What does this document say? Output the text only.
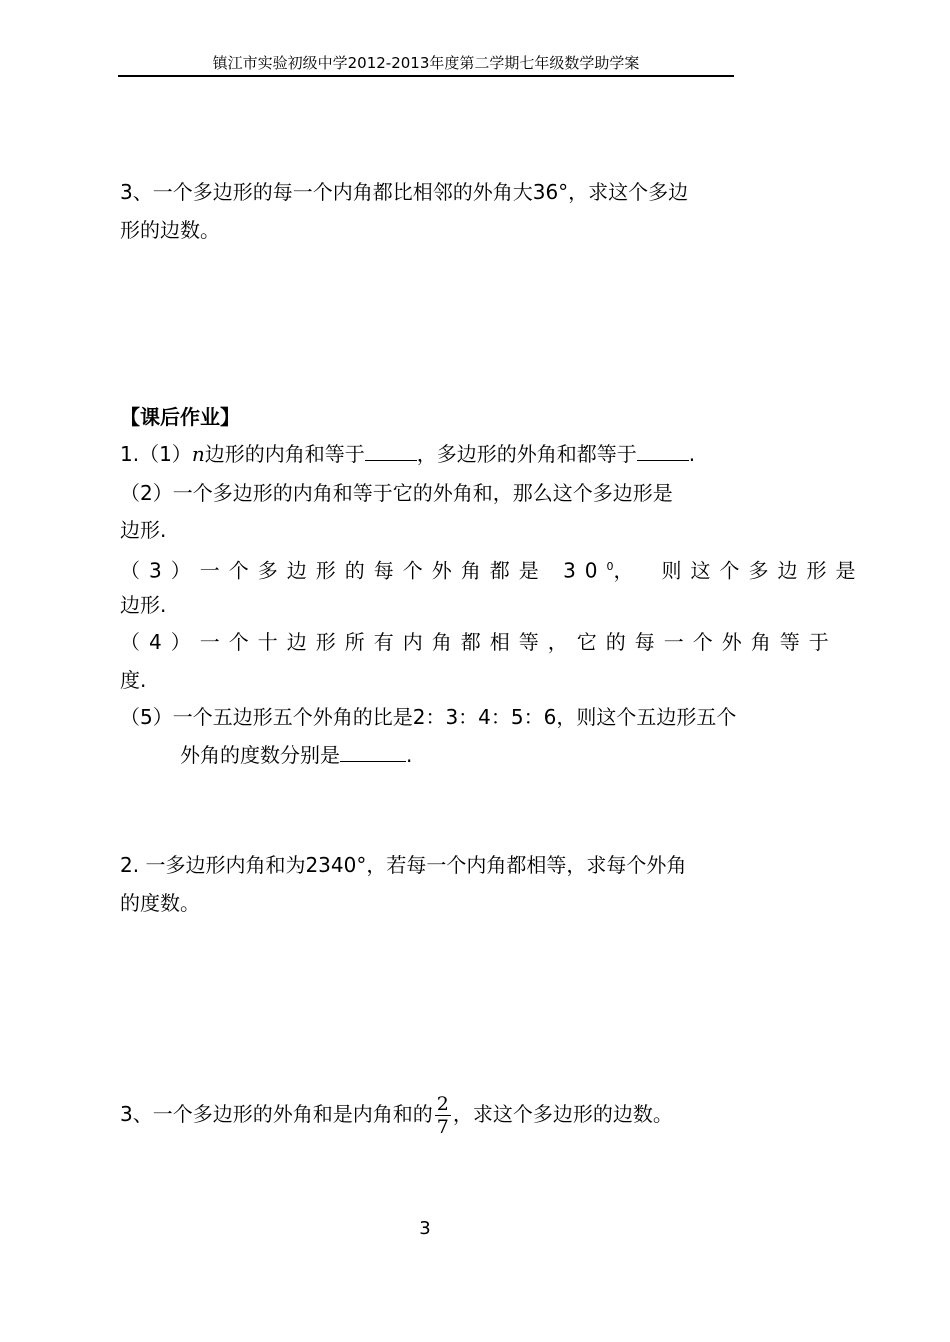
镇江市实验初级中学2012-2013年度第二学期七年级数学助学案
3、一个多边形的每一个内角都比相邻的外角大36°，求这个多边
形的边数。
【课后作业】
1.（1）n边形的内角和等于	，多边形的外角和都等于	.
（2）一个多边形的内角和等于它的外角和，那么这个多边形是
边形.
（3）一个多边形的每个外角都是 $30^0$，　则这个多边形是
边形.
（4）一个十边形所有内角都相等，它的每一个外角等于
度.
（5）一个五边形五个外角的比是2：3：4：5：6，则这个五边形五个
外角的度数分别是	.
2. 一多边形内角和为2340°，若每一个内角都相等，求每个外角
的度数。
3、一个多边形的外角和是内角和的 $\frac{2}{7}$ ，求这个多边形的边数。
3
